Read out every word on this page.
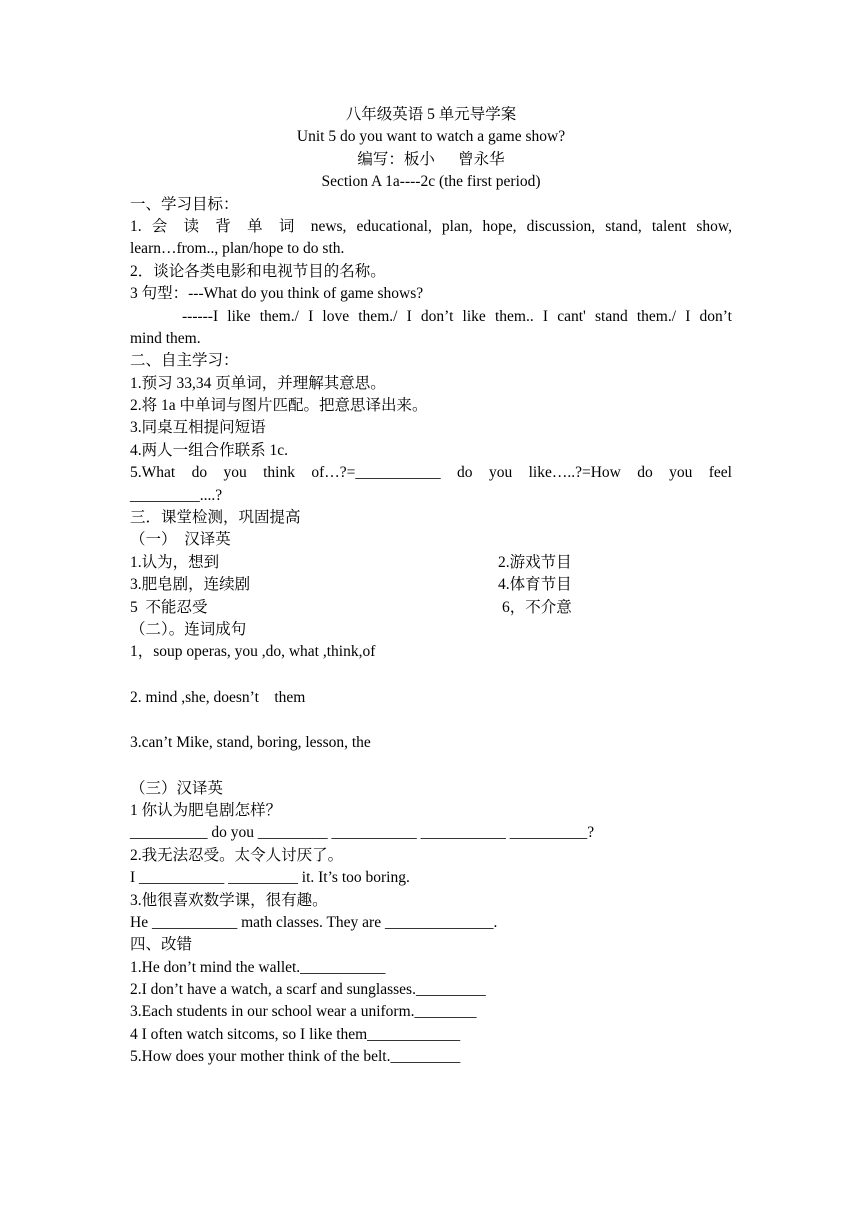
八年级英语 5 单元导学案
Unit 5 do you want to watch a game show?
编写：板小      曾永华
Section A 1a----2c (the first period)
一、学习目标：
1. 会 读 背 单 词 news, educational, plan, hope, discussion, stand, talent show,
learn…from.., plan/hope to do sth.
2．谈论各类电影和电视节目的名称。
3 句型：---What do you think of game shows?
------I like them./ I love them./ I don’t like them.. I cant' stand them./ I don’t
mind them.
二、自主学习：
1.预习 33,34 页单词，并理解其意思。
2.将 1a 中单词与图片匹配。把意思译出来。
3.同桌互相提问短语
4.两人一组合作联系 1c.
5.What do you think of…?=___________ do you like…..?=How do you feel
_________....?
三．课堂检测，巩固提高
（一）  汉译英
1.认为，想到	2.游戏节目
3.肥皂剧，连续剧	4.体育节目
5  不能忍受	6，不介意
（二）。连词成句
1，soup operas, you ,do, what ,think,of
2. mind ,she, doesn’t    them
3.can’t Mike, stand, boring, lesson, the
（三）汉译英
1 你认为肥皂剧怎样？
__________ do you _________ ___________ ___________ __________?
2.我无法忍受。太令人讨厌了。
I ___________ _________ it. It’s too boring.
3.他很喜欢数学课，很有趣。
He ___________ math classes. They are ______________.
四、改错
1.He don’t mind the wallet.___________
2.I don’t have a watch, a scarf and sunglasses._________
3.Each students in our school wear a uniform.________
4 I often watch sitcoms, so I like them____________
5.How does your mother think of the belt._________
